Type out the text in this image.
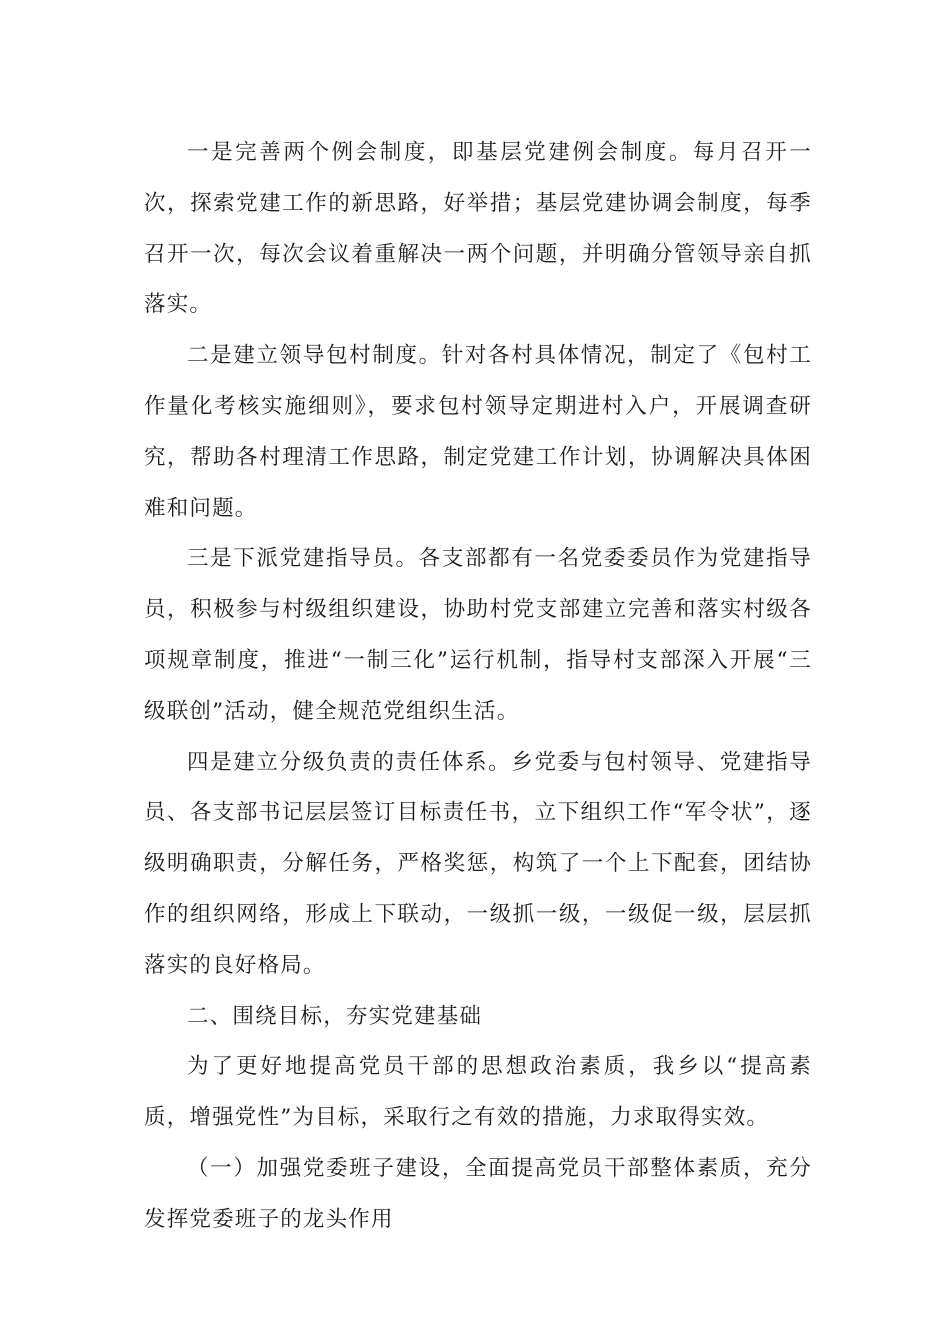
一是完善两个例会制度，即基层党建例会制度。每月召开一次，探索党建工作的新思路，好举措；基层党建协调会制度，每季召开一次，每次会议着重解决一两个问题，并明确分管领导亲自抓落实。

二是建立领导包村制度。针对各村具体情况，制定了《包村工作量化考核实施细则》，要求包村领导定期进村入户，开展调查研究，帮助各村理清工作思路，制定党建工作计划，协调解决具体困难和问题。

三是下派党建指导员。各支部都有一名党委委员作为党建指导员，积极参与村级组织建设，协助村党支部建立完善和落实村级各项规章制度，推进“一制三化”运行机制，指导村支部深入开展“三级联创”活动，健全规范党组织生活。

四是建立分级负责的责任体系。乡党委与包村领导、党建指导员、各支部书记层层签订目标责任书，立下组织工作“军令状”，逐级明确职责，分解任务，严格奖惩，构筑了一个上下配套，团结协作的组织网络，形成上下联动，一级抓一级，一级促一级，层层抓落实的良好格局。

二、围绕目标，夯实党建基础

为了更好地提高党员干部的思想政治素质，我乡以“提高素质，增强党性”为目标，采取行之有效的措施，力求取得实效。

（一）加强党委班子建设，全面提高党员干部整体素质，充分发挥党委班子的龙头作用
